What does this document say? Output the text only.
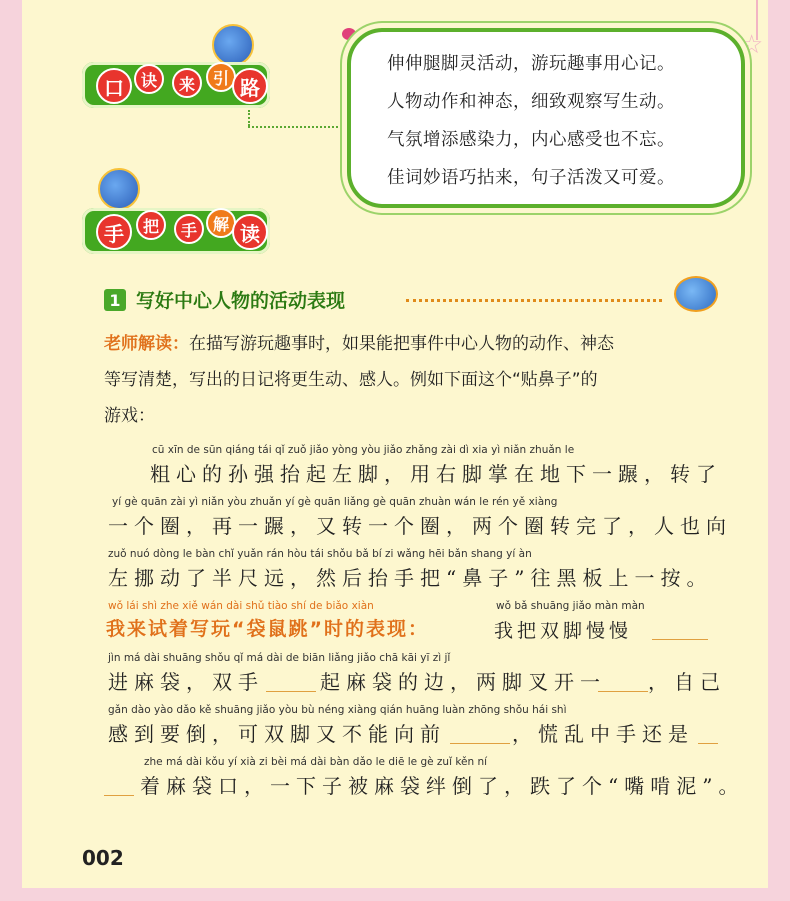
☆
口	诀	来	引 路
伸伸腿脚灵活动，游玩趣事用心记。
人物动作和神态，细致观察写生动。
气氛增添感染力，内心感受也不忘。
佳词妙语巧拈来，句子活泼又可爱。
手	把	手 解 读
1 写好中心人物的活动表现
老师解读：在描写游玩趣事时，如果能把事件中心人物的动作、神态
等写清楚，写出的日记将更生动、感人。例如下面这个“贴鼻子”的
游戏：
cū xīn de sūn qiáng tái qǐ zuǒ jiǎo yòng yòu jiǎo zhǎng zài dì xia yì niǎn zhuǎn le
粗心的孙强抬起左脚，用右脚掌在地下一蹍，转了
yí gè quān zài yì niǎn yòu zhuǎn yí gè quān liǎng gè quān zhuàn wán le rén yě xiàng
一个圈，再一蹍，又转一个圈，两个圈转完了，人也向
zuǒ nuó dòng le bàn chǐ yuǎn rán hòu tái shǒu bǎ bí zi wǎng hēi bǎn shang yí àn
左挪动了半尺远，然后抬手把“鼻子”往黑板上一按。
wǒ lái shì zhe xiě wán dài shǔ tiào shí de biǎo xiàn
我来试着写玩“袋鼠跳”时的表现：
wǒ bǎ shuāng jiǎo màn màn
我把双脚慢慢
jìn má dài shuāng shǒu qǐ má dài de biān liǎng jiǎo chā kāi yī zì jǐ
进麻袋，双手	起麻袋的边，两脚叉开一 ，自己
gǎn dào yào dǎo kě shuāng jiǎo yòu bù néng xiàng qián huāng luàn zhōng shǒu hái shì
感到要倒，可双脚又不能向前	，慌乱中手还是
zhe má dài kǒu yí xià zi bèi má dài bàn dǎo le diē le gè zuǐ kěn ní
着麻袋口，一下子被麻袋绊倒了，跌了个“嘴啃泥”。
002
